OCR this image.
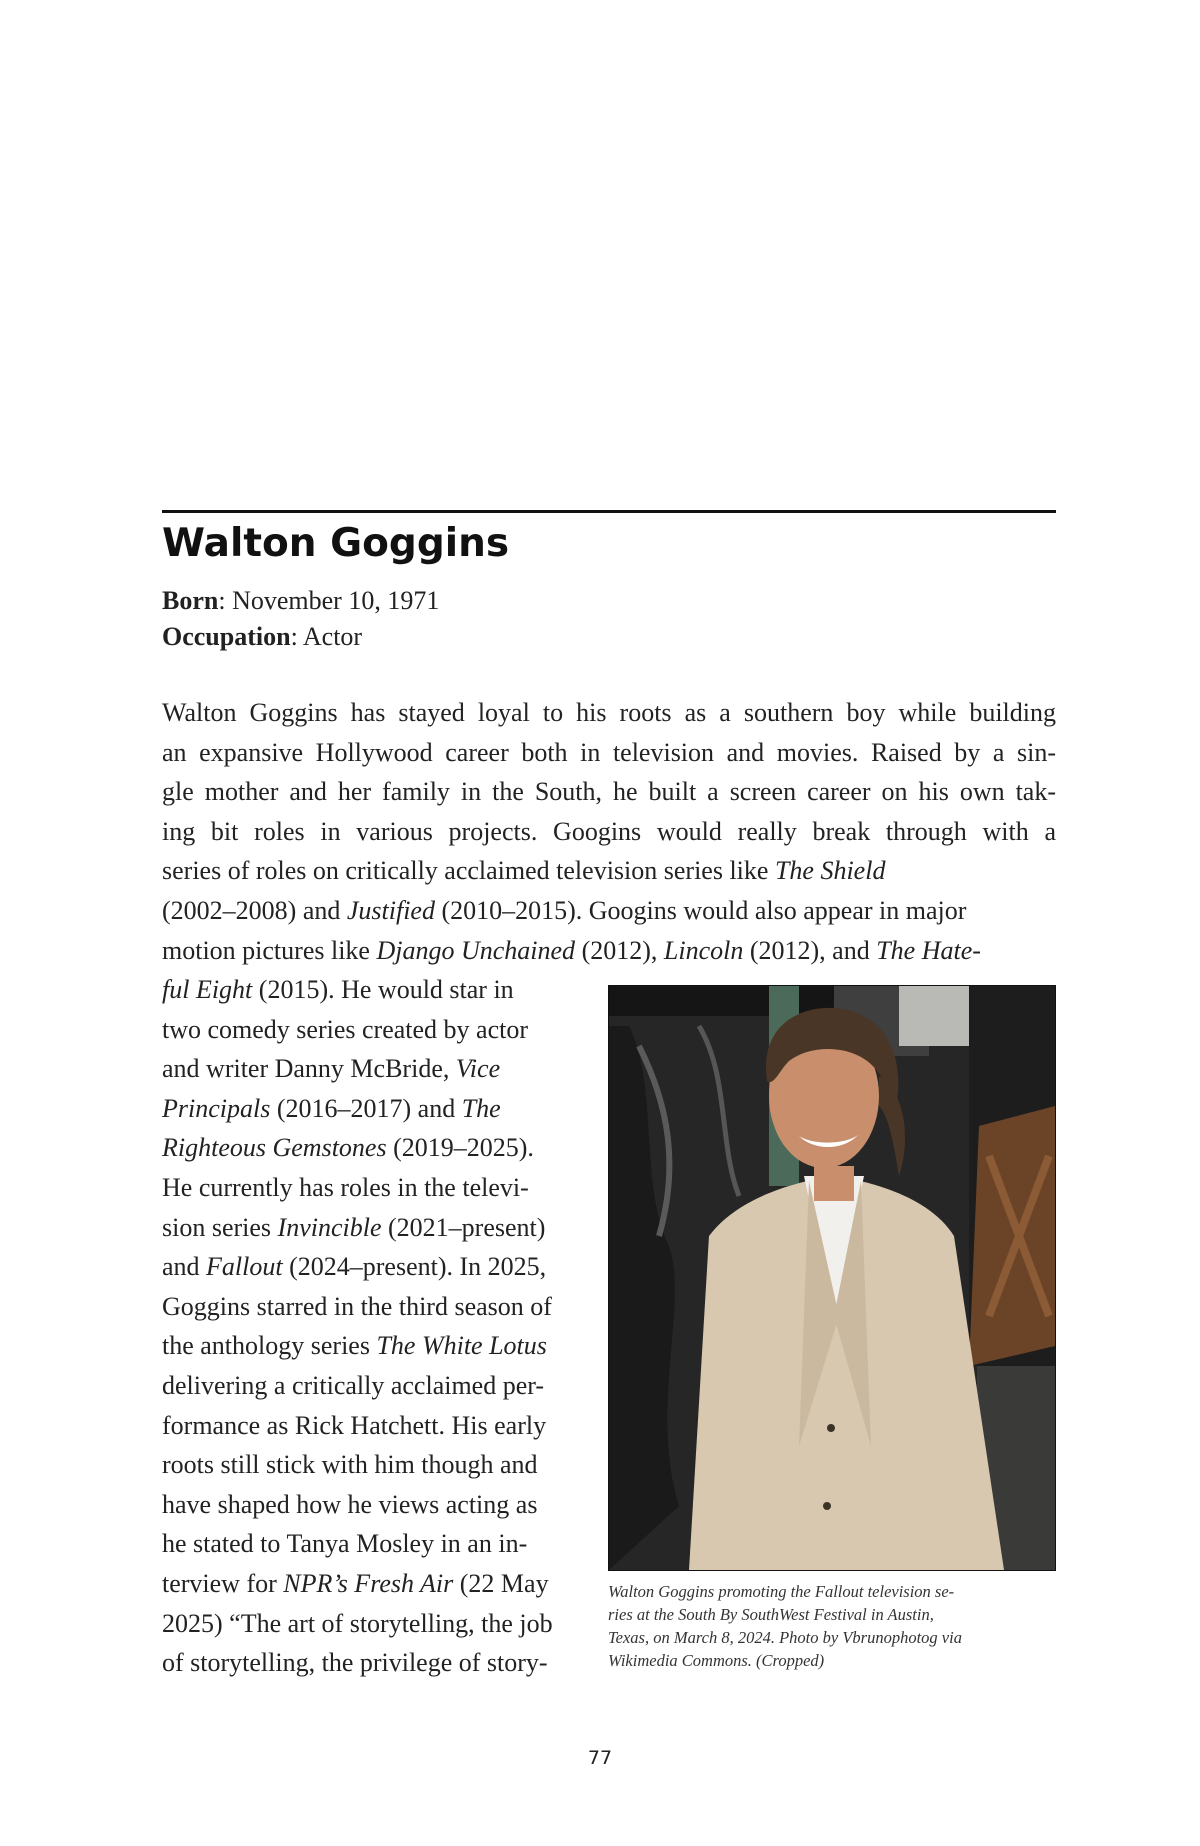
Walton Goggins
Born: November 10, 1971
Occupation: Actor
Walton Goggins has stayed loyal to his roots as a southern boy while building
an expansive Hollywood career both in television and movies. Raised by a sin-
gle mother and her family in the South, he built a screen career on his own tak-
ing bit roles in various projects. Googins would really break through with a
series of roles on critically acclaimed television series like The Shield
(2002–2008) and Justified (2010–2015). Googins would also appear in major
motion pictures like Django Unchained (2012), Lincoln (2012), and The Hate-
ful Eight (2015). He would star in
two comedy series created by actor
and writer Danny McBride, Vice
Principals (2016–2017) and The
Righteous Gemstones (2019–2025).
He currently has roles in the televi-
sion series Invincible (2021–present)
and Fallout (2024–present). In 2025,
Goggins starred in the third season of
the anthology series The White Lotus
delivering a critically acclaimed per-
formance as Rick Hatchett. His early
roots still stick with him though and
have shaped how he views acting as
he stated to Tanya Mosley in an in-
terview for NPR’s Fresh Air (22 May
2025) “The art of storytelling, the job
of storytelling, the privilege of story-
Walton Goggins promoting the Fallout television se-
ries at the South By SouthWest Festival in Austin,
Texas, on March 8, 2024. Photo by Vbrunophotog via
Wikimedia Commons. (Cropped)
77
